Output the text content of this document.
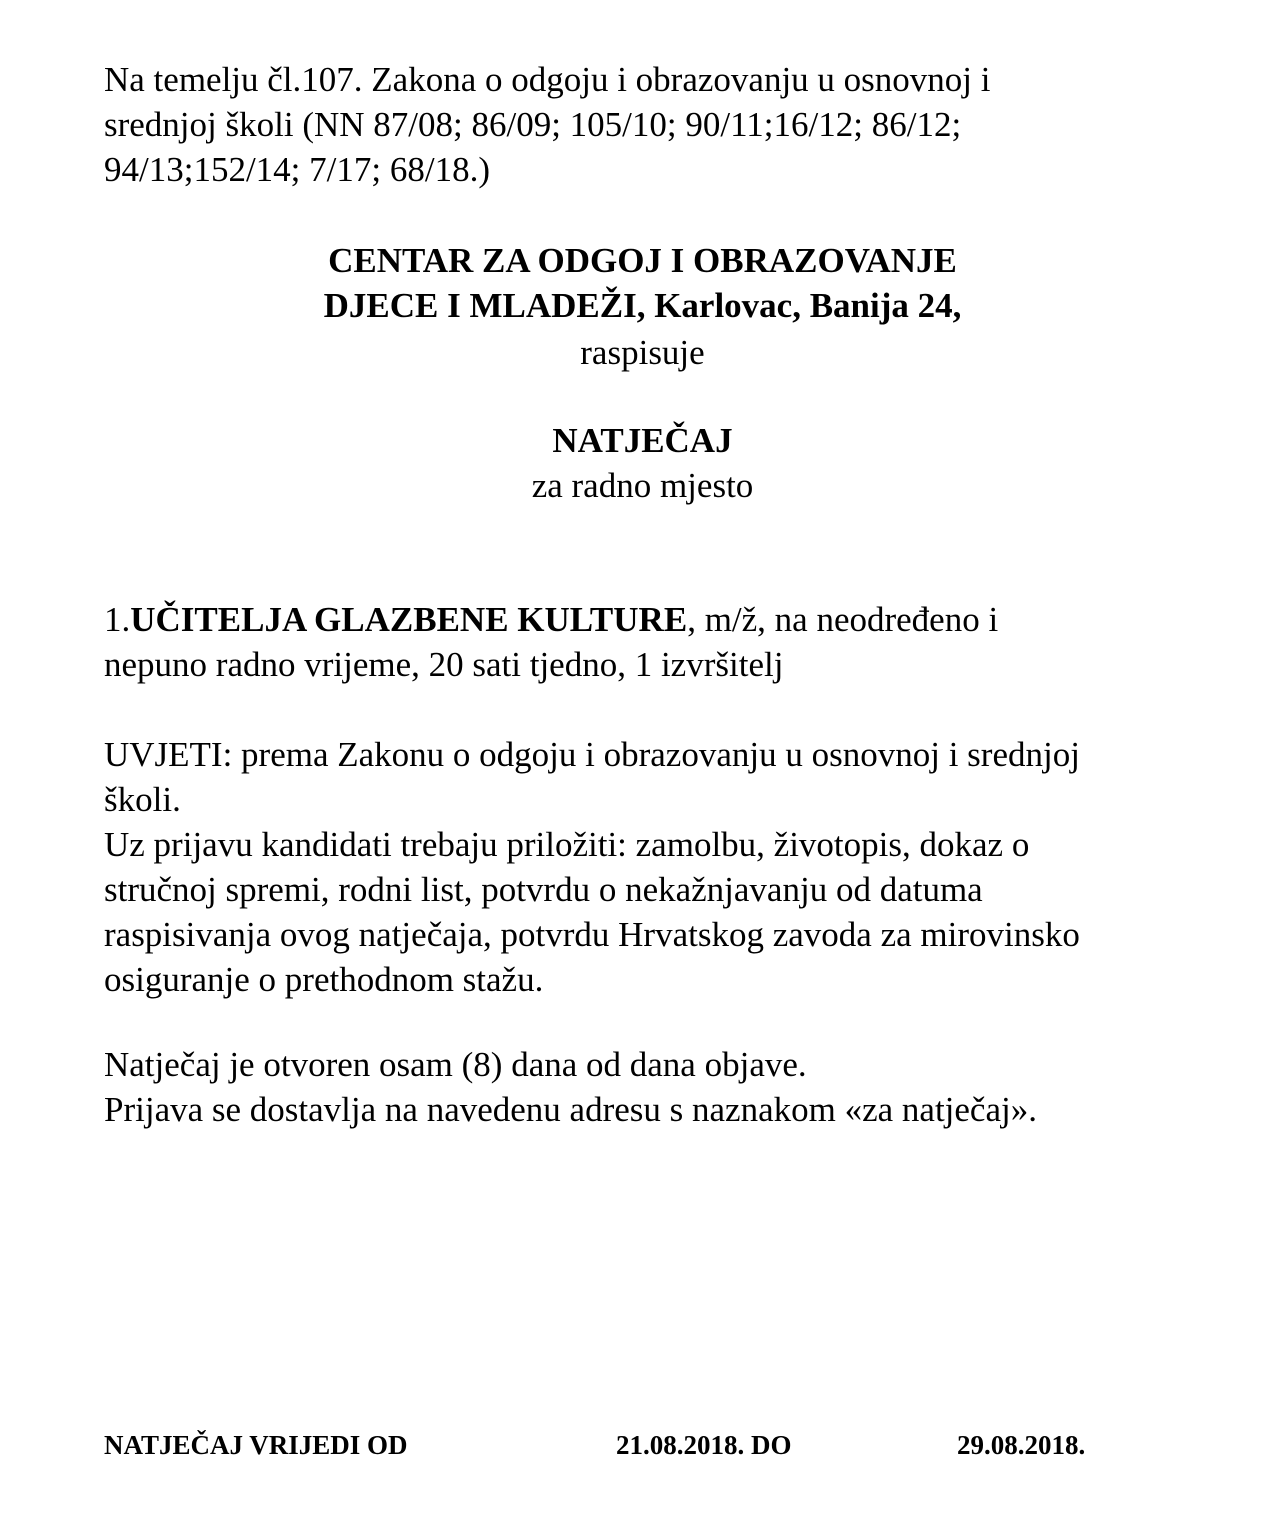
Na temelju čl.107. Zakona o odgoju i obrazovanju u osnovnoj i
srednjoj školi (NN 87/08; 86/09; 105/10; 90/11;16/12; 86/12;
94/13;152/14; 7/17; 68/18.)

CENTAR ZA ODGOJ I OBRAZOVANJE
DJECE I MLADEŽI, Karlovac, Banija 24,

raspisuje

NATJEČAJ

za radno mjesto

1.UČITELJA GLAZBENE KULTURE, m/ž, na neodređeno i
nepuno radno vrijeme, 20 sati tjedno, 1 izvršitelj

UVJETI: prema Zakonu o odgoju i obrazovanju u osnovnoj i srednjoj
školi.
Uz prijavu kandidati trebaju priložiti: zamolbu, životopis, dokaz o
stručnoj spremi, rodni list, potvrdu o nekažnjavanju od datuma
raspisivanja ovog natječaja, potvrdu Hrvatskog zavoda za mirovinsko
osiguranje o prethodnom stažu.

Natječaj je otvoren osam (8) dana od dana objave.
Prijava se dostavlja na navedenu adresu s naznakom «za natječaj».

NATJEČAJ VRIJEDI OD	21.08.2018. DO	29.08.2018.
